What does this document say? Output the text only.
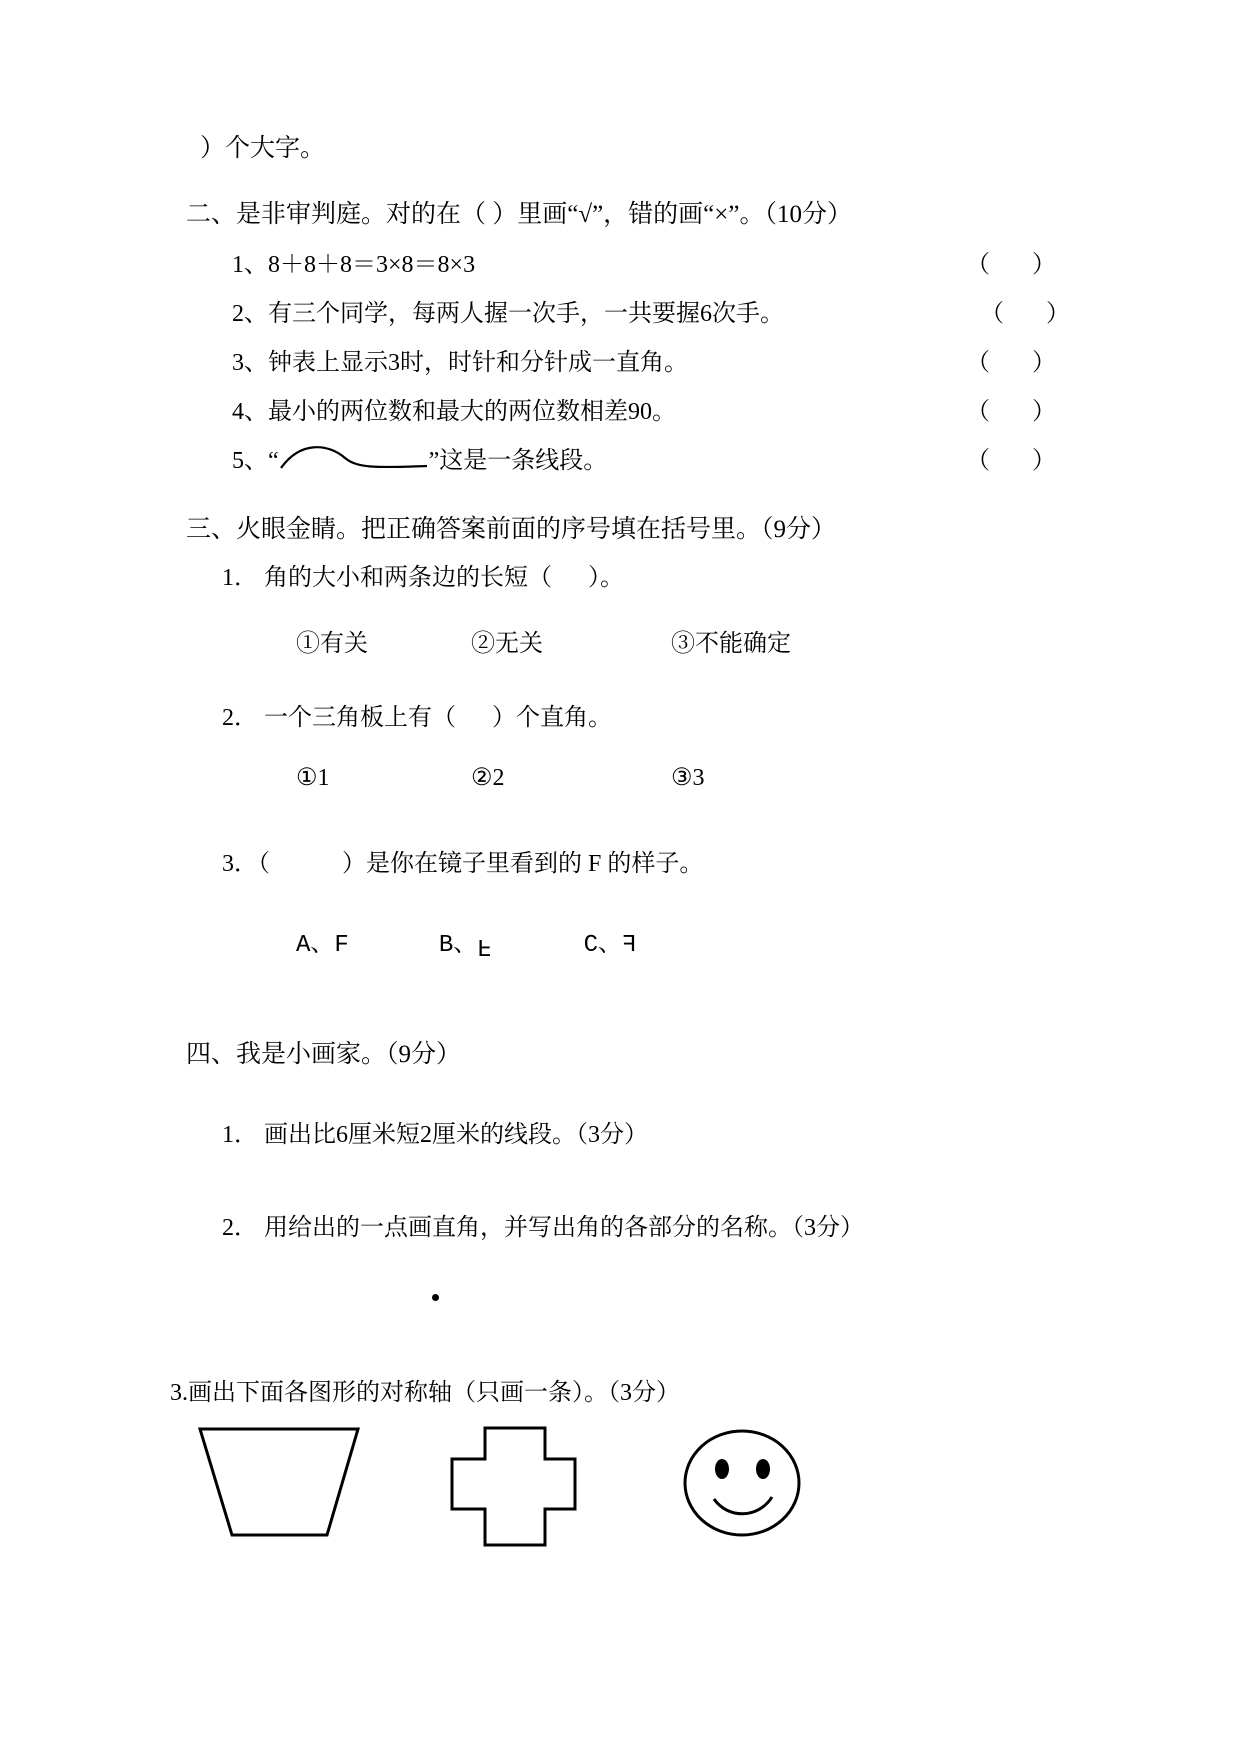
）个大字。
二、是非审判庭。对的在（ ）里画“√”，错的画“×”。（10分）
1、8＋8＋8＝3×8＝8×3	（       ）
2、有三个同学，每两人握一次手，一共要握6次手。	（       ）
3、钟表上显示3时，时针和分针成一直角。	（       ）
4、最小的两位数和最大的两位数相差90。	（       ）
5、“	”这是一条线段。	（       ）
三、火眼金睛。把正确答案前面的序号填在括号里。（9分）
1． 角的大小和两条边的长短（      ）。

①有关	②无关	③不能确定

2． 一个三角板上有（      ）个直角。

①1	②2	③3

3．（            ）是你在镜子里看到的 F 的样子。

A、F	B、F	C、F

四、我是小画家。（9分）
1． 画出比6厘米短2厘米的线段。（3分）
2． 用给出的一点画直角，并写出角的各部分的名称。（3分）
3.画出下面各图形的对称轴（只画一条）。（3分）
